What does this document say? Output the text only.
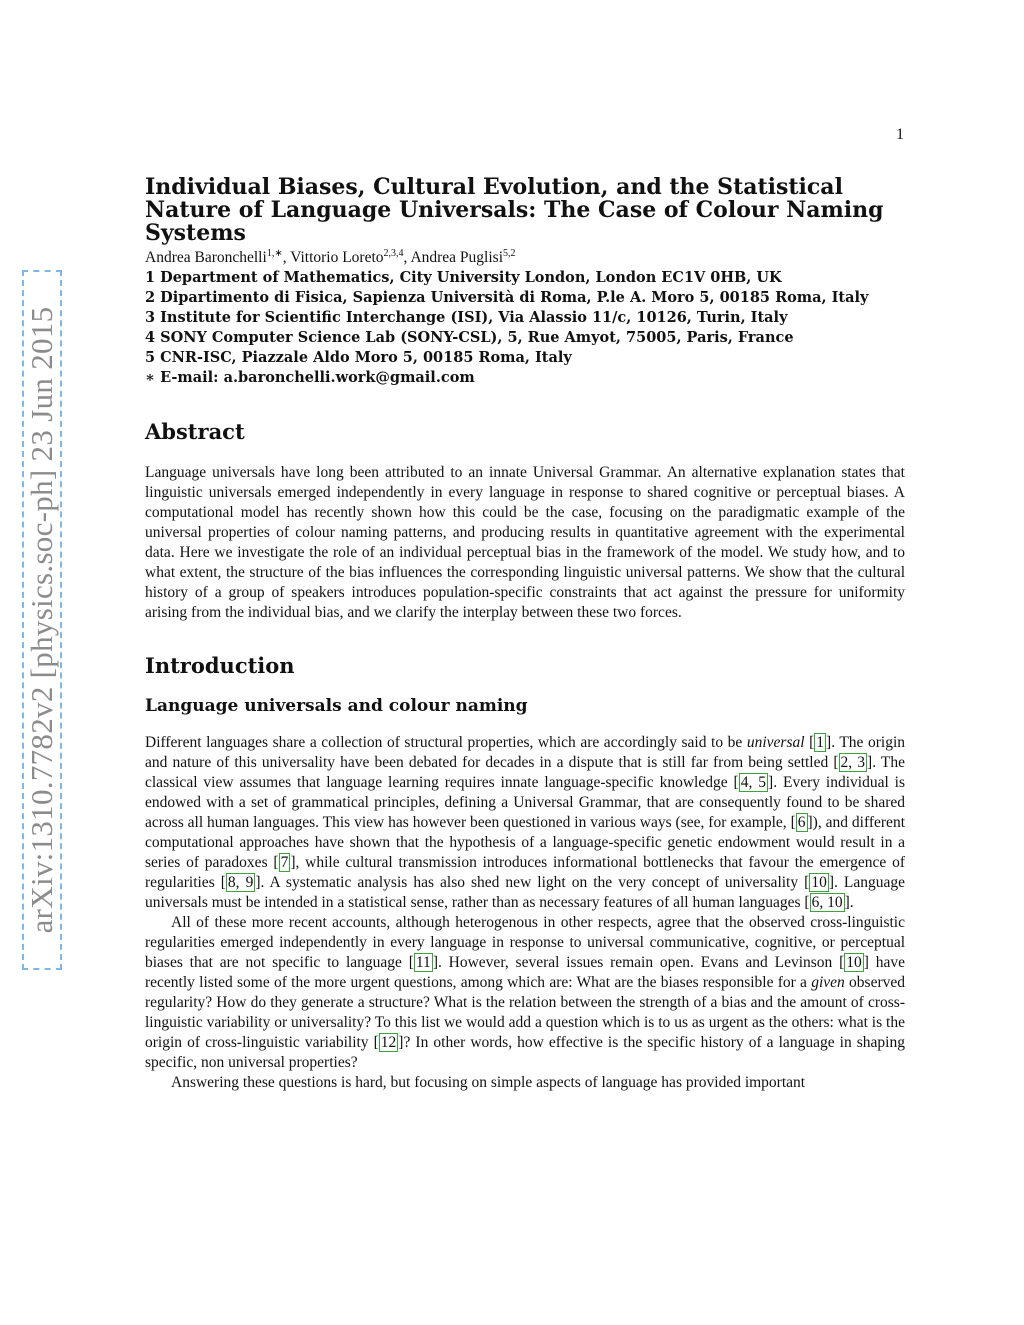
arXiv:1310.7782v2 [physics.soc-ph] 23 Jun 2015
1
Individual Biases, Cultural Evolution, and the Statistical Nature of Language Universals: The Case of Colour Naming Systems
Andrea Baronchelli$^{1,∗}$, Vittorio Loreto$^{2,3,4}$, Andrea Puglisi$^{5,2}$
1 Department of Mathematics, City University London, London EC1V 0HB, UK
2 Dipartimento di Fisica, Sapienza Università di Roma, P.le A. Moro 5, 00185 Roma, Italy
3 Institute for Scientific Interchange (ISI), Via Alassio 11/c, 10126, Turin, Italy
4 SONY Computer Science Lab (SONY-CSL), 5, Rue Amyot, 75005, Paris, France
5 CNR-ISC, Piazzale Aldo Moro 5, 00185 Roma, Italy
∗ E-mail: a.baronchelli.work@gmail.com
Abstract

Language universals have long been attributed to an innate Universal Grammar. An alternative explanation states that linguistic universals emerged independently in every language in response to shared cognitive or perceptual biases. A computational model has recently shown how this could be the case, focusing on the paradigmatic example of the universal properties of colour naming patterns, and producing results in quantitative agreement with the experimental data. Here we investigate the role of an individual perceptual bias in the framework of the model. We study how, and to what extent, the structure of the bias influences the corresponding linguistic universal patterns. We show that the cultural history of a group of speakers introduces population-specific constraints that act against the pressure for uniformity arising from the individual bias, and we clarify the interplay between these two forces.

Introduction
Language universals and colour naming

Different languages share a collection of structural properties, which are accordingly said to be universal [ 1 ]. The origin and nature of this universality have been debated for decades in a dispute that is still far from being settled [ 2, 3 ]. The classical view assumes that language learning requires innate language-specific knowledge [ 4, 5 ]. Every individual is endowed with a set of grammatical principles, defining a Universal Grammar, that are consequently found to be shared across all human languages. This view has however been questioned in various ways (see, for example, [ 6 ]), and different computational approaches have shown that the hypothesis of a language-specific genetic endowment would result in a series of paradoxes [ 7 ], while cultural transmission introduces informational bottlenecks that favour the emergence of regularities [ 8, 9 ]. A systematic analysis has also shed new light on the very concept of universality [ 10 ]. Language universals must be intended in a statistical sense, rather than as necessary features of all human languages [ 6, 10 ].

All of these more recent accounts, although heterogenous in other respects, agree that the observed cross-linguistic regularities emerged independently in every language in response to universal communicative, cognitive, or perceptual biases that are not specific to language [ 11 ]. However, several issues remain open. Evans and Levinson [ 10 ] have recently listed some of the more urgent questions, among which are: What are the biases responsible for a given observed regularity? How do they generate a structure? What is the relation between the strength of a bias and the amount of cross-linguistic variability or universality? To this list we would add a question which is to us as urgent as the others: what is the origin of cross-linguistic variability [ 12 ]? In other words, how effective is the specific history of a language in shaping specific, non universal properties?

Answering these questions is hard, but focusing on simple aspects of language has provided important
